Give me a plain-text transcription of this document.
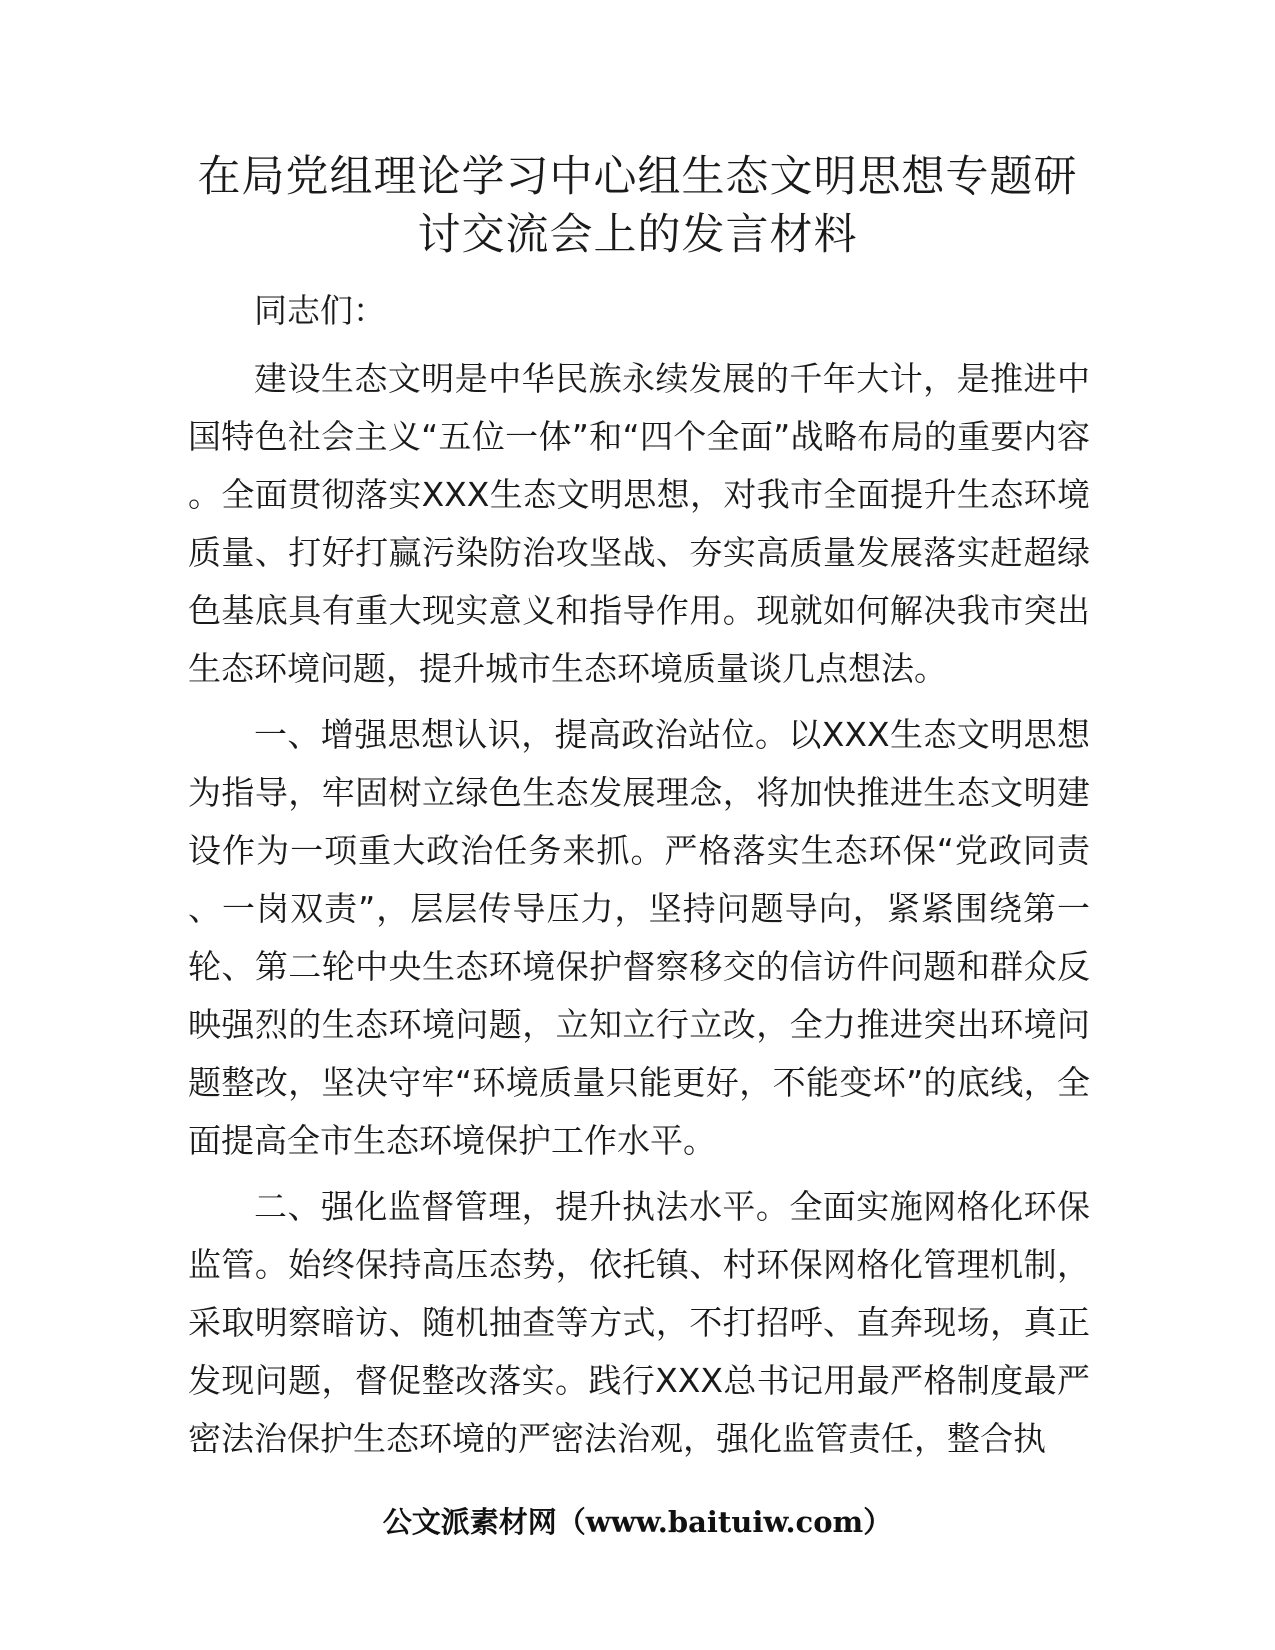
在局党组理论学习中心组生态文明思想专题研
讨交流会上的发言材料

同志们：

建设生态文明是中华民族永续发展的千年大计，是推进中国特色社会主义“五位一体”和“四个全面”战略布局的重要内容。全面贯彻落实XXX生态文明思想，对我市全面提升生态环境质量、打好打赢污染防治攻坚战、夯实高质量发展落实赶超绿色基底具有重大现实意义和指导作用。现就如何解决我市突出生态环境问题，提升城市生态环境质量谈几点想法。

一、增强思想认识，提高政治站位。以XXX生态文明思想为指导，牢固树立绿色生态发展理念，将加快推进生态文明建设作为一项重大政治任务来抓。严格落实生态环保“党政同责、一岗双责”，层层传导压力，坚持问题导向，紧紧围绕第一轮、第二轮中央生态环境保护督察移交的信访件问题和群众反映强烈的生态环境问题，立知立行立改，全力推进突出环境问题整改，坚决守牢“环境质量只能更好，不能变坏”的底线，全面提高全市生态环境保护工作水平。

二、强化监督管理，提升执法水平。全面实施网格化环保监管。始终保持高压态势，依托镇、村环保网格化管理机制，采取明察暗访、随机抽查等方式，不打招呼、直奔现场，真正发现问题，督促整改落实。践行XXX总书记用最严格制度最严密法治保护生态环境的严密法治观，强化监管责任，整合执

公文派素材网（www.baituiw.com）
